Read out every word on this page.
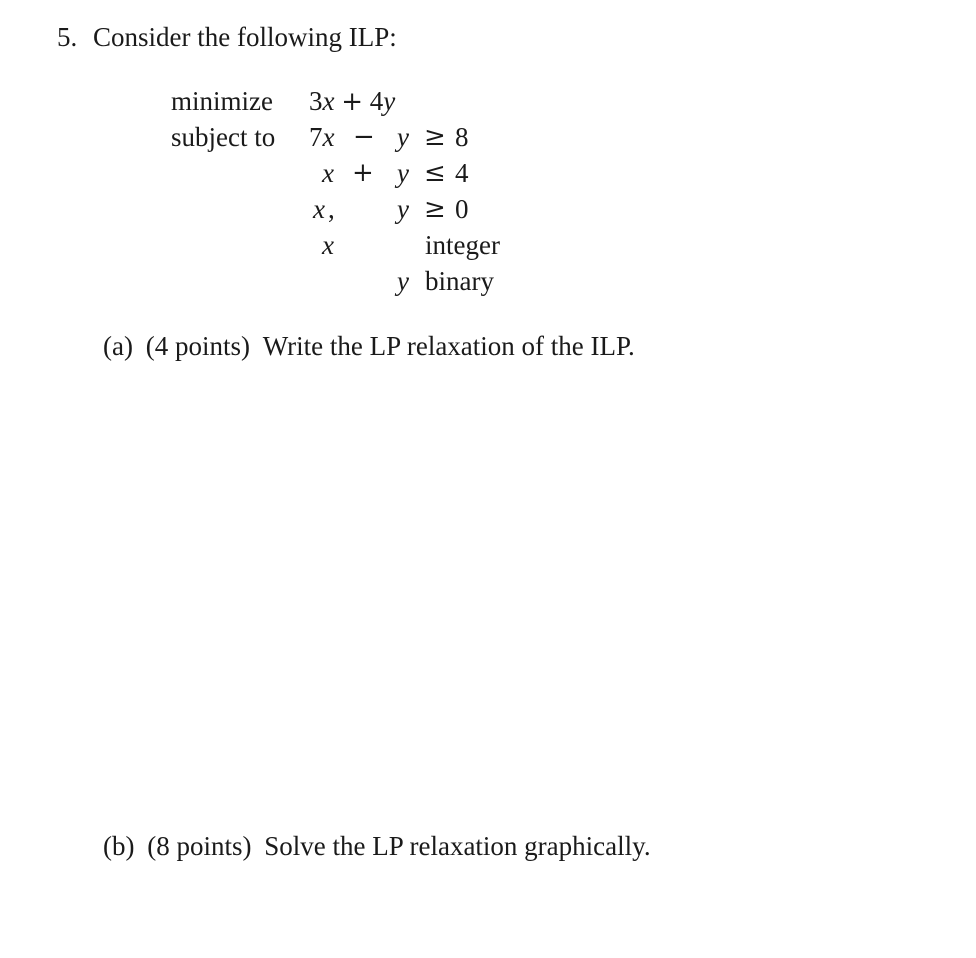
5. Consider the following ILP:
minimize 3x + 4y
subject to 7x − y ≥ 8
x + y ≤ 4
x , y ≥ 0
x	integer
y binary
(a) (4 points) Write the LP relaxation of the ILP.
(b) (8 points) Solve the LP relaxation graphically.
